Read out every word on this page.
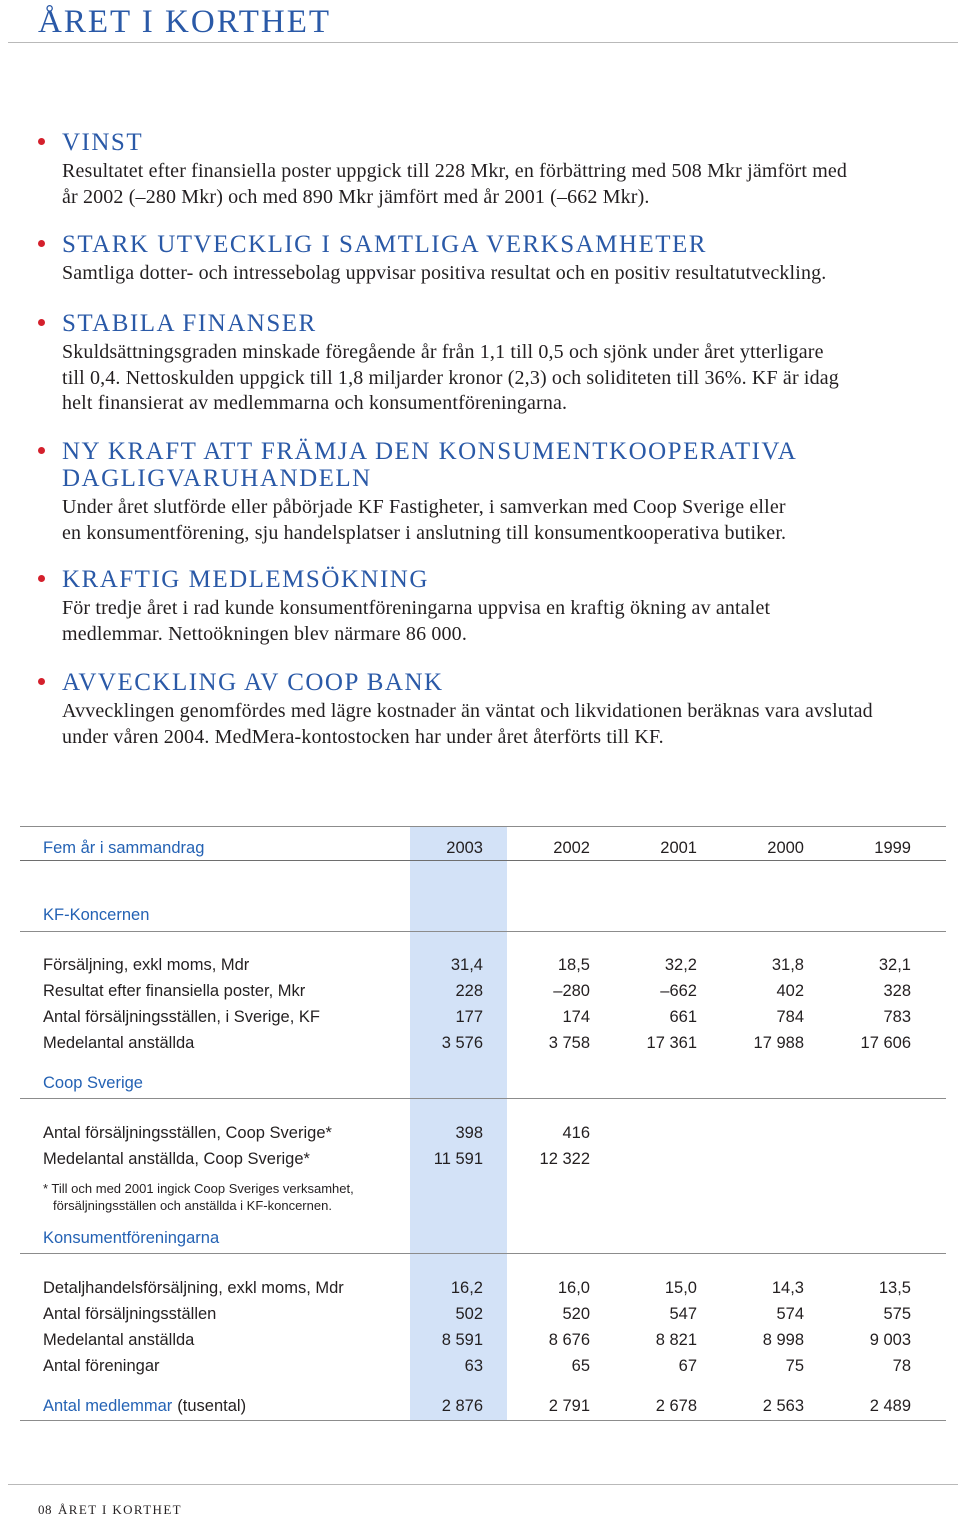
ÅRET I KORTHET
VINST

Resultatet efter finansiella poster uppgick till 228 Mkr, en förbättring med 508 Mkr jämfört med
år 2002 (–280 Mkr) och med 890 Mkr jämfört med år 2001 (–662 Mkr).

STARK UTVECKLIG I SAMTLIGA VERKSAMHETER

Samtliga dotter- och intressebolag uppvisar positiva resultat och en positiv resultatutveckling.

STABILA FINANSER

Skuldsättningsgraden minskade föregående år från 1,1 till 0,5 och sjönk under året ytterligare
till 0,4. Nettoskulden uppgick till 1,8 miljarder kronor (2,3) och soliditeten till 36%. KF är idag
helt finansierat av medlemmarna och konsumentföreningarna.

NY KRAFT ATT FRÄMJA DEN KONSUMENTKOOPERATIVA
DAGLIGVARUHANDELN

Under året slutförde eller påbörjade KF Fastigheter, i samverkan med Coop Sverige eller
en konsumentförening, sju handelsplatser i anslutning till konsumentkooperativa butiker.

KRAFTIG MEDLEMSÖKNING

För tredje året i rad kunde konsumentföreningarna uppvisa en kraftig ökning av antalet
medlemmar. Nettoökningen blev närmare 86 000.

AVVECKLING AV COOP BANK

Avvecklingen genomfördes med lägre kostnader än väntat och likvidationen beräknas vara avslutad
under våren 2004. MedMera-kontostocken har under året återförts till KF.

Fem år i sammandrag	2003	2002	2001	2000	1999
KF-Koncernen
Försäljning, exkl moms, Mdr	31,4	18,5	32,2	31,8	32,1
Resultat efter finansiella poster, Mkr	228	–280	–662	402	328
Antal försäljningsställen, i Sverige, KF	177	174	661	784	783
Medelantal anställda	3 576	3 758	17 361	17 988	17 606
Coop Sverige
Antal försäljningsställen, Coop Sverige*	398	416
Medelantal anställda, Coop Sverige*	11 591	12 322
* Till och med 2001 ingick Coop Sveriges verksamhet,
försäljningsställen och anställda i KF-koncernen.
Konsumentföreningarna
Detaljhandelsförsäljning, exkl moms, Mdr	16,2	16,0	15,0	14,3	13,5
Antal försäljningsställen	502	520	547	574	575
Medelantal anställda	8 591	8 676	8 821	8 998	9 003
Antal föreningar	63	65	67	75	78
Antal medlemmar (tusental)	2 876	2 791	2 678	2 563	2 489
08 ÅRET I KORTHET
